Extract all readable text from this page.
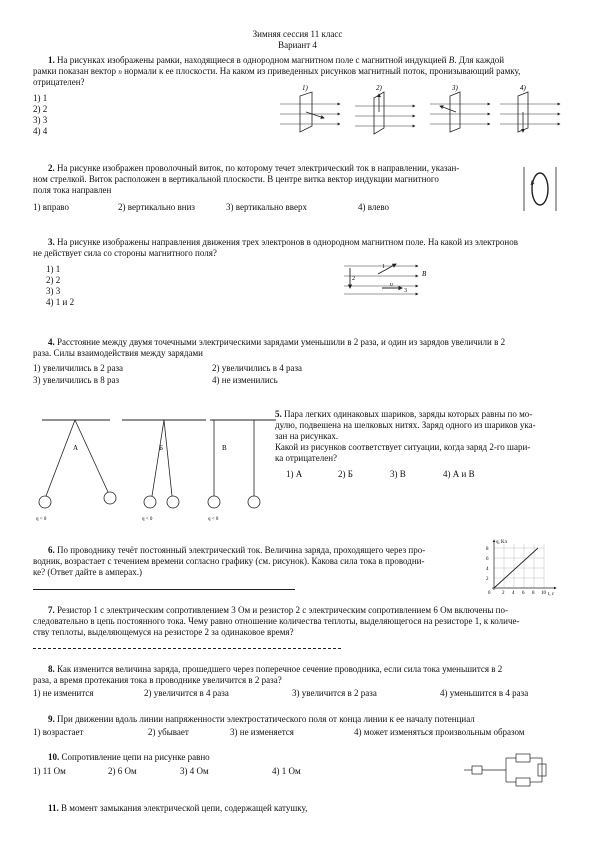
Зимняя сессия 11 класс
Вариант 4
1. На рисунках изображены рамки, находящиеся в однородном магнитном поле с магнитной индукцией B. Для каждой
рамки показан вектор n нормали к ее плоскости. На каком из приведенных рисунков магнитный поток, пронизывающий рамку,
отрицателен?
1) 1
2) 2
3) 3
4) 4
1)	2)	3)	4)
2. На рисунке изображен проволочный виток, по которому течет электрический ток в направлении, указан-
ном стрелкой. Виток расположен в вертикальной плоскости. В центре витка вектор индукции магнитного
поля тока направлен
1) вправо	2) вертикально вниз	3) вертикально вверх	4) влево
3. На рисунке изображены направления движения трех электронов в однородном магнитном поле. На какой из электронов
не действует сила со стороны магнитного поля?
1) 1
2) 2
3) 3
4) 1 и 2
B
2
1
υ
3
4. Расстояние между двумя точечными электрическими зарядами уменьшили в 2 раза, и один из зарядов увеличили в 2
раза. Силы взаимодействия между зарядами
1) увеличились в 2 раза	2) увеличились в 4 раза
3) увеличились в 8 раз	4) не изменились
А
q < 0
Б
q < 0
В
q < 0
5. Пара легких одинаковых шариков, заряды которых равны по мо-
дулю, подвешена на шелковых нитях. Заряд одного из шариков ука-
зан на рисунках.
Какой из рисунков соответствует ситуации, когда заряд 2-го шари-
ка отрицателен?
1) А	2) Б	3) В	4) А и В
6. По проводнику течёт постоянный электрический ток. Величина заряда, проходящего через про-
водник, возрастает с течением времени согласно графику (см. рисунок). Какова сила тока в проводни-
ке? (Ответ дайте в амперах.)
q, Кл
t, с
8
6
4
2
0 2 4 6 8 10
7. Резистор 1 с электрическим сопротивлением 3 Ом и резистор 2 с электрическим сопротивлением 6 Ом включены по-
следовательно в цепь постоянного тока. Чему равно отношение количества теплоты, выделяющегося на резисторе 1, к количе-
ству теплоты, выделяющемуся на резисторе 2 за одинаковое время?
8. Как изменится величина заряда, прошедшего через поперечное сечение проводника, если сила тока уменьшится в 2
раза, а время протекания тока в проводнике увеличится в 2 раза?
1) не изменится	2) увеличится в 4 раза	3) увеличится в 2 раза	4) уменьшится в 4 раза
9. При движении вдоль линии напряженности электростатического поля от конца линии к ее началу потенциал
1) возрастает	2) убывает	3) не изменяется	4) может изменяться произвольным образом
10. Сопротивление цепи на рисунке равно
1) 11 Ом	2) 6 Ом	3) 4 Ом	4) 1 Ом
11. В момент замыкания электрической цепи, содержащей катушку,
